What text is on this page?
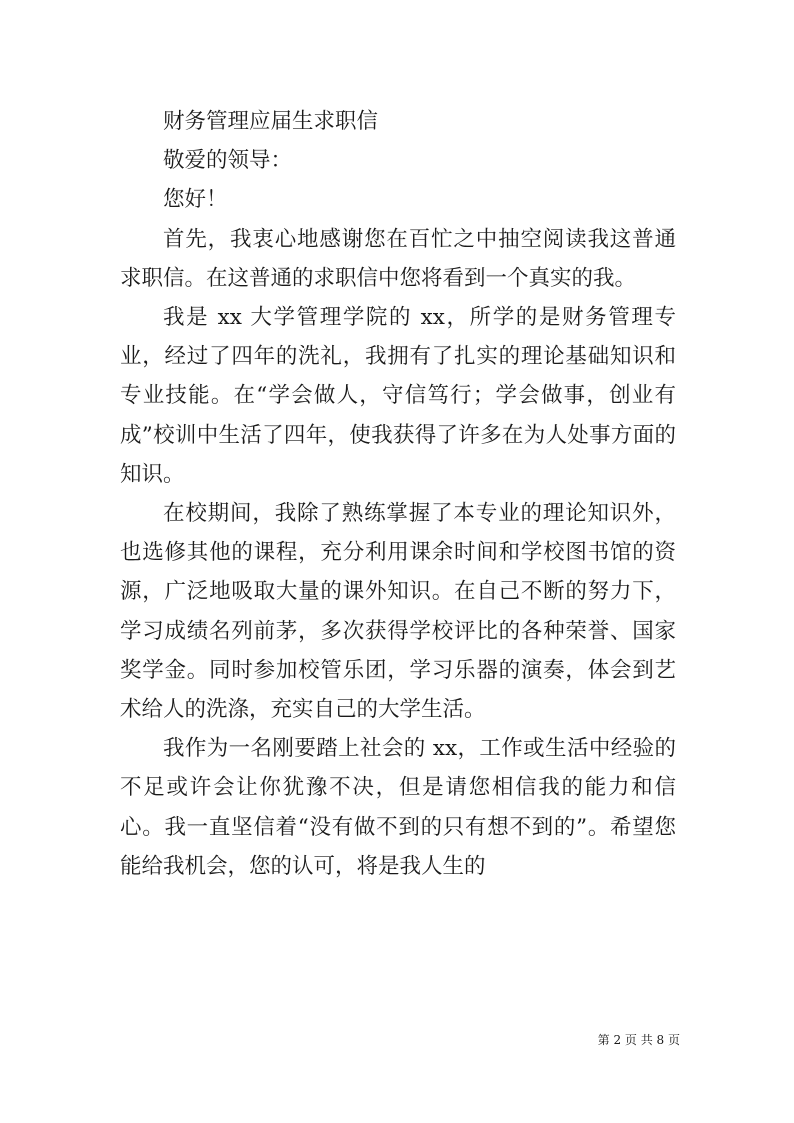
财务管理应届生求职信

敬爱的领导：

您好！

首先，我衷心地感谢您在百忙之中抽空阅读我这普通求职信。在这普通的求职信中您将看到一个真实的我。

我是 xx 大学管理学院的 xx，所学的是财务管理专业，经过了四年的洗礼，我拥有了扎实的理论基础知识和专业技能。在“学会做人，守信笃行；学会做事，创业有成”校训中生活了四年，使我获得了许多在为人处事方面的知识。

在校期间，我除了熟练掌握了本专业的理论知识外，也选修其他的课程，充分利用课余时间和学校图书馆的资源，广泛地吸取大量的课外知识。在自己不断的努力下，学习成绩名列前茅，多次获得学校评比的各种荣誉、国家奖学金。同时参加校管乐团，学习乐器的演奏，体会到艺术给人的洗涤，充实自己的大学生活。

我作为一名刚要踏上社会的 xx，工作或生活中经验的不足或许会让你犹豫不决，但是请您相信我的能力和信心。我一直坚信着“没有做不到的只有想不到的”。希望您能给我机会，您的认可，将是我人生的

第 2 页 共 8 页
